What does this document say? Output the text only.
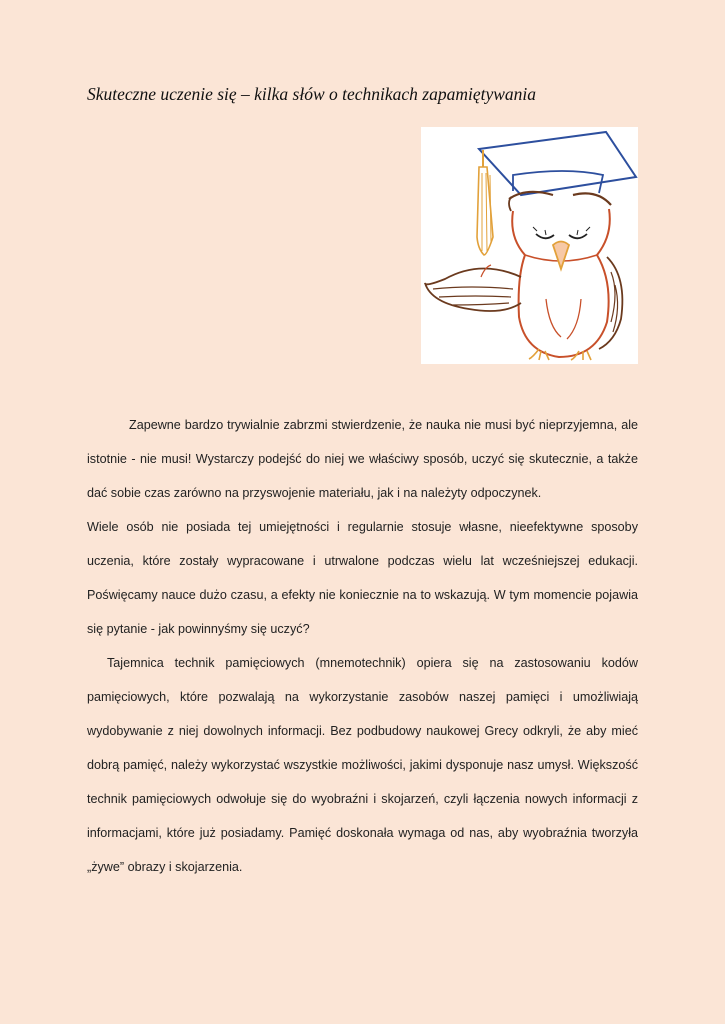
Skuteczne uczenie się – kilka słów o technikach zapamiętywania

Zapewne bardzo trywialnie zabrzmi stwierdzenie, że nauka nie musi być nieprzyjemna, ale istotnie - nie musi! Wystarczy podejść do niej we właściwy sposób, uczyć się skutecznie, a także dać sobie czas zarówno na przyswojenie materiału, jak i na należyty odpoczynek.

Wiele osób nie posiada tej umiejętności i regularnie stosuje własne, nieefektywne sposoby uczenia, które zostały wypracowane i utrwalone podczas wielu lat wcześniejszej edukacji. Poświęcamy nauce dużo czasu, a efekty nie koniecznie na to wskazują. W tym momencie pojawia się pytanie - jak powinnyśmy się uczyć?

Tajemnica technik pamięciowych (mnemotechnik) opiera się na zastosowaniu kodów pamięciowych, które pozwalają na wykorzystanie zasobów naszej pamięci i umożliwiają wydobywanie z niej dowolnych informacji. Bez podbudowy naukowej Grecy odkryli, że aby mieć dobrą pamięć, należy wykorzystać wszystkie możliwości, jakimi dysponuje nasz umysł. Większość technik pamięciowych odwołuje się do wyobraźni i skojarzeń, czyli łączenia nowych informacji z informacjami, które już posiadamy. Pamięć doskonała wymaga od nas, aby wyobraźnia tworzyła „żywe” obrazy i skojarzenia.
